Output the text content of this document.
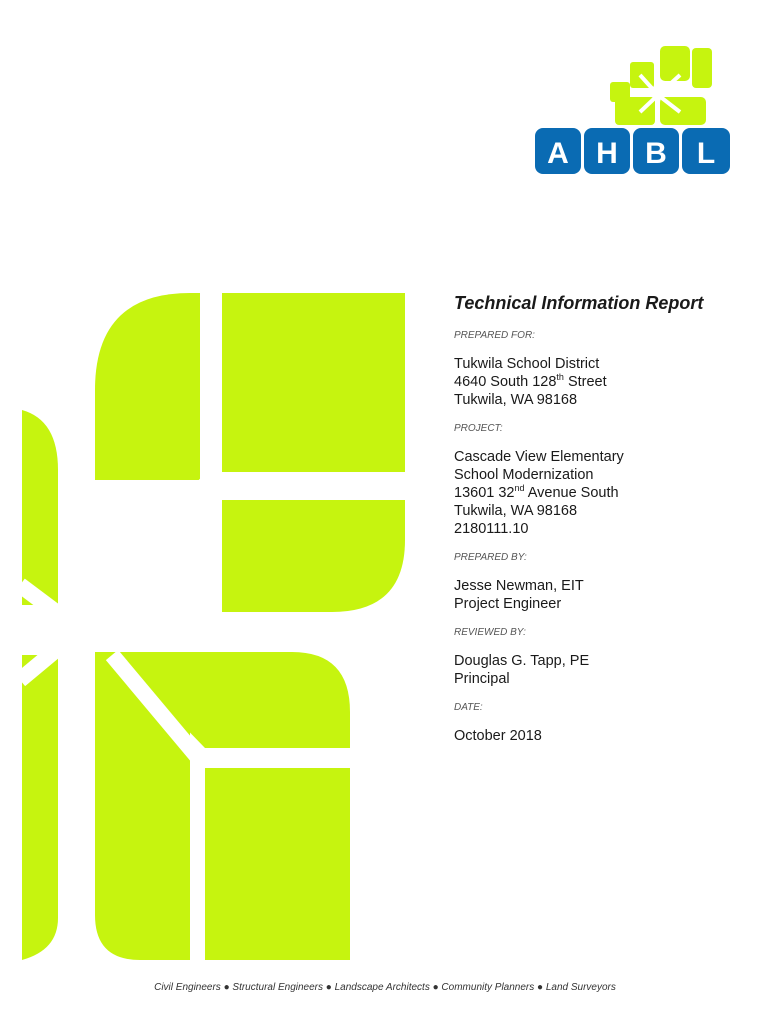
A H B L
Technical Information Report
PREPARED FOR:
Tukwila School District
4640 South 128th Street
Tukwila, WA 98168
PROJECT:
Cascade View Elementary
School Modernization
13601 32nd Avenue South
Tukwila, WA 98168
2180111.10
PREPARED BY:
Jesse Newman, EIT
Project Engineer
REVIEWED BY:
Douglas G. Tapp, PE
Principal
DATE:
October 2018
Civil Engineers ● Structural Engineers ● Landscape Architects ● Community Planners ● Land Surveyors
